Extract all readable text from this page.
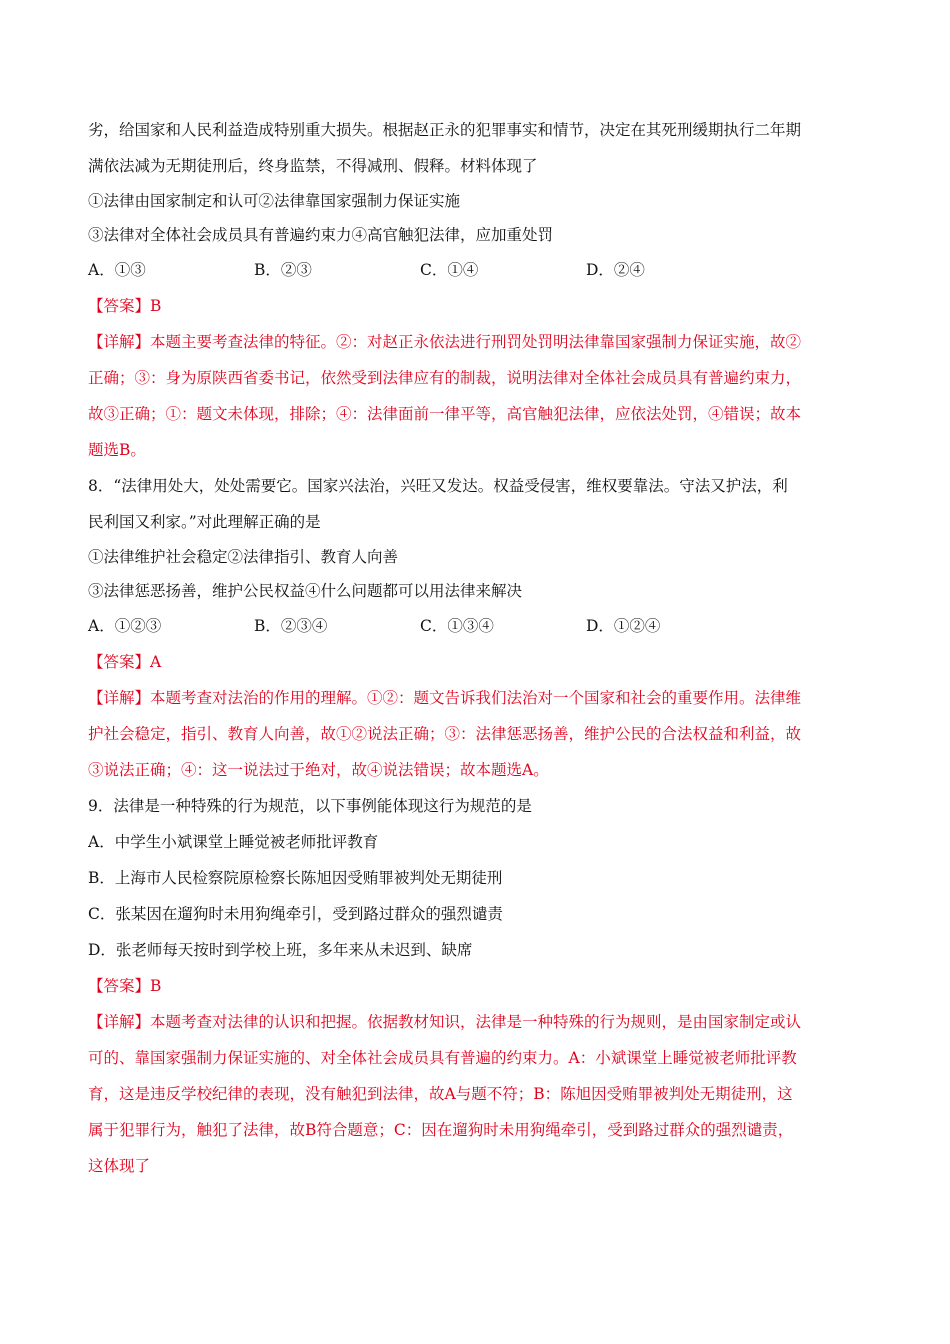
劣，给国家和人民利益造成特别重大损失。根据赵正永的犯罪事实和情节，决定在其死刑缓期执行二年期

满依法减为无期徒刑后，终身监禁，不得减刑、假释。材料体现了

①法律由国家制定和认可②法律靠国家强制力保证实施

③法律对全体社会成员具有普遍约束力④高官触犯法律，应加重处罚

A．①③	B．②③	C．①④	D．②④

【答案】B

【详解】本题主要考查法律的特征。②：对赵正永依法进行刑罚处罚明法律靠国家强制力保证实施，故②

正确；③：身为原陕西省委书记，依然受到法律应有的制裁，说明法律对全体社会成员具有普遍约束力，

故③正确；①：题文未体现，排除；④：法律面前一律平等，高官触犯法律，应依法处罚，④错误；故本

题选B。

8．“法律用处大，处处需要它。国家兴法治，兴旺又发达。权益受侵害，维权要靠法。守法又护法，利

民利国又利家。”对此理解正确的是

①法律维护社会稳定②法律指引、教育人向善

③法律惩恶扬善，维护公民权益④什么问题都可以用法律来解决

A．①②③	B．②③④	C．①③④	D．①②④

【答案】A

【详解】本题考查对法治的作用的理解。①②：题文告诉我们法治对一个国家和社会的重要作用。法律维

护社会稳定，指引、教育人向善，故①②说法正确；③：法律惩恶扬善，维护公民的合法权益和利益，故

③说法正确；④：这一说法过于绝对，故④说法错误；故本题选A。

9．法律是一种特殊的行为规范，以下事例能体现这行为规范的是

A．中学生小斌课堂上睡觉被老师批评教育

B．上海市人民检察院原检察长陈旭因受贿罪被判处无期徒刑

C．张某因在遛狗时未用狗绳牵引，受到路过群众的强烈谴责

D．张老师每天按时到学校上班，多年来从未迟到、缺席

【答案】B

【详解】本题考查对法律的认识和把握。依据教材知识，法律是一种特殊的行为规则，是由国家制定或认

可的、靠国家强制力保证实施的、对全体社会成员具有普遍的约束力。A：小斌课堂上睡觉被老师批评教

育，这是违反学校纪律的表现，没有触犯到法律，故A与题不符；B：陈旭因受贿罪被判处无期徒刑，这

属于犯罪行为，触犯了法律，故B符合题意；C：因在遛狗时未用狗绳牵引，受到路过群众的强烈谴责，

这体现了
